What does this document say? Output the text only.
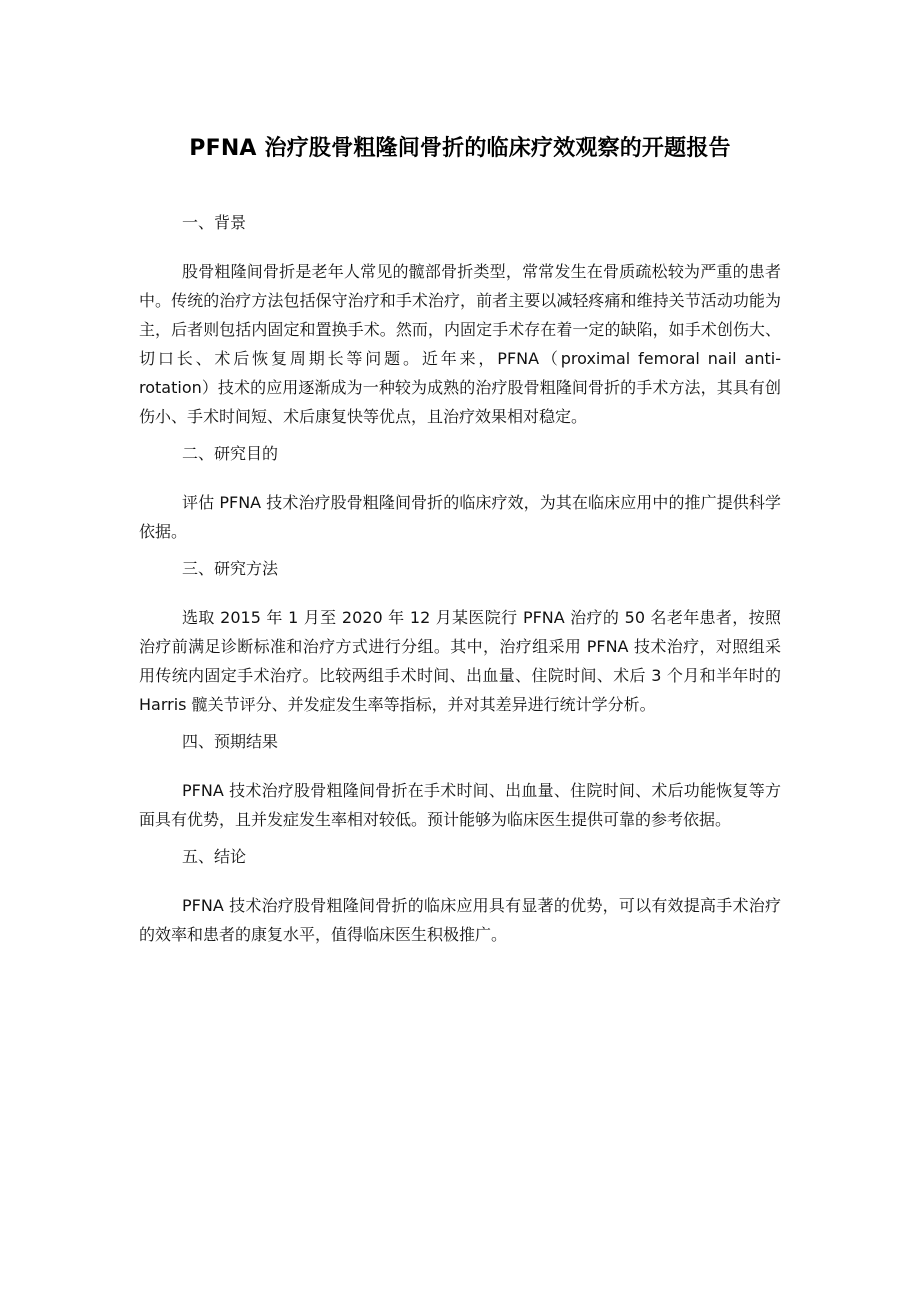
PFNA 治疗股骨粗隆间骨折的临床疗效观察的开题报告
一、背景

股骨粗隆间骨折是老年人常见的髋部骨折类型，常常发生在骨质疏松较为严重的患者中。传统的治疗方法包括保守治疗和手术治疗，前者主要以减轻疼痛和维持关节活动功能为主，后者则包括内固定和置换手术。然而，内固定手术存在着一定的缺陷，如手术创伤大、切口长、术后恢复周期长等问题。近年来，PFNA（proximal femoral nail anti-rotation）技术的应用逐渐成为一种较为成熟的治疗股骨粗隆间骨折的手术方法，其具有创伤小、手术时间短、术后康复快等优点，且治疗效果相对稳定。

二、研究目的

评估 PFNA 技术治疗股骨粗隆间骨折的临床疗效，为其在临床应用中的推广提供科学依据。

三、研究方法

选取 2015 年 1 月至 2020 年 12 月某医院行 PFNA 治疗的 50 名老年患者，按照治疗前满足诊断标准和治疗方式进行分组。其中，治疗组采用 PFNA 技术治疗，对照组采用传统内固定手术治疗。比较两组手术时间、出血量、住院时间、术后 3 个月和半年时的 Harris 髋关节评分、并发症发生率等指标，并对其差异进行统计学分析。

四、预期结果

PFNA 技术治疗股骨粗隆间骨折在手术时间、出血量、住院时间、术后功能恢复等方面具有优势，且并发症发生率相对较低。预计能够为临床医生提供可靠的参考依据。

五、结论

PFNA 技术治疗股骨粗隆间骨折的临床应用具有显著的优势，可以有效提高手术治疗的效率和患者的康复水平，值得临床医生积极推广。
